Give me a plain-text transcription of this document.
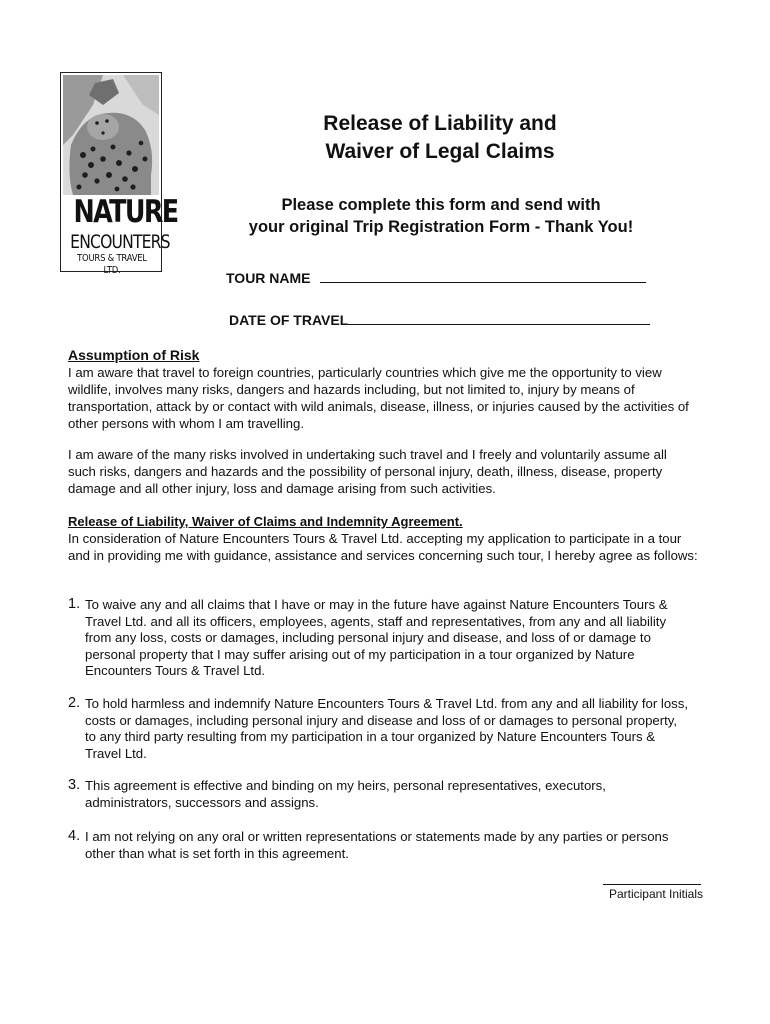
NATURE
ENCOUNTERS
TOURS & TRAVEL LTD.
Release of Liability and
Waiver of Legal Claims
Please complete this form and send with
your original Trip Registration Form - Thank You!
TOUR NAME
DATE OF TRAVEL
Assumption of Risk
I am aware that travel to foreign countries, particularly countries which give me the opportunity to view wildlife, involves many risks, dangers and hazards including, but not limited to, injury by means of transportation, attack by or contact with wild animals, disease, illness, or injuries caused by the activities of other persons with whom I am travelling.
I am aware of the many risks involved in undertaking such travel and I freely and voluntarily assume all such risks, dangers and hazards and the possibility of personal injury, death, illness, disease, property damage and all other injury, loss and damage arising from such activities.
Release of Liability, Waiver of Claims and Indemnity Agreement.
In consideration of Nature Encounters Tours & Travel Ltd. accepting my application to participate in a tour and in providing me with guidance, assistance and services concerning such tour, I hereby agree as follows:
1. To waive any and all claims that I have or may in the future have against Nature Encounters Tours & Travel Ltd. and all its officers, employees, agents, staff and representatives, from any and all liability from any loss, costs or damages, including personal injury and disease, and loss of or damage to personal property that I may suffer arising out of my participation in a tour organized by Nature Encounters Tours & Travel Ltd.
2. To hold harmless and indemnify Nature Encounters Tours & Travel Ltd. from any and all liability for loss, costs or damages, including personal injury and disease and loss of or damages to personal property, to any third party resulting from my participation in a tour organized by Nature Encounters Tours & Travel Ltd.
3. This agreement is effective and binding on my heirs, personal representatives, executors, administrators, successors and assigns.
4. I am not relying on any oral or written representations or statements made by any parties or persons other than what is set forth in this agreement.
Participant Initials
